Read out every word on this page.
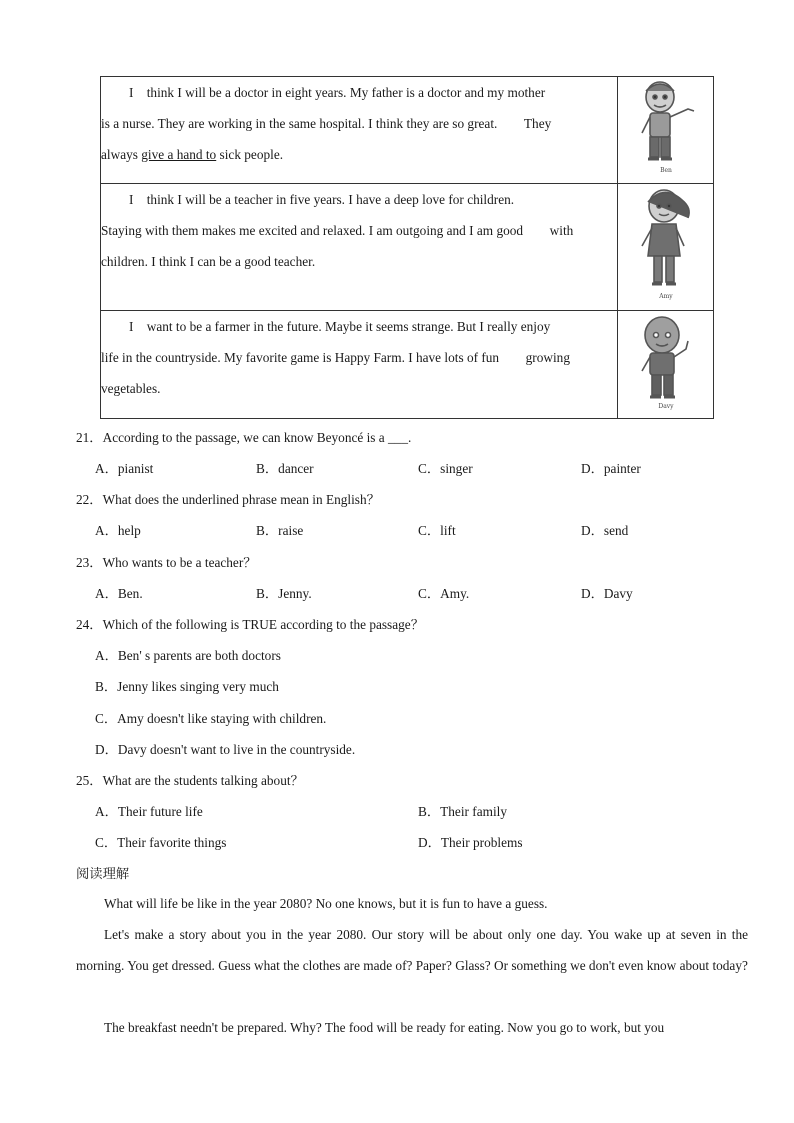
I　think I will be a doctor in eight years. My father is a doctor and my mother
is a nurse. They are working in the same hospital. I think they are so great.　　They
always give a hand to sick people.	Ben

I　think I will be a teacher in five years. I have a deep love for children.
Staying with them makes me excited and relaxed. I am outgoing and I am good　　with
children. I think I can be a good teacher.	Amy

I　want to be a farmer in the future. Maybe it seems strange. But I really enjoy
life in the countryside. My favorite game is Happy Farm. I have lots of fun　　growing
vegetables.	Davy
21．According to the passage, we can know Beyoncé is a ___.
A．pianist	B．dancer	C．singer	D．painter
22．What does the underlined phrase mean in English？
A．help	B．raise	C．lift	D．send
23．Who wants to be a teacher？
A．Ben.	B．Jenny.	C．Amy.	D．Davy
24．Which of the following is TRUE according to the passage？
A．Ben' s parents are both doctors
B．Jenny likes singing very much
C．Amy doesn't like staying with children.
D．Davy doesn't want to live in the countryside.
25．What are the students talking about？
A．Their future life	B．Their family
C．Their favorite things	D．Their problems
阅读理解
What will life be like in the year 2080? No one knows, but it is fun to have a guess.
Let's make a story about you in the year 2080. Our story will be about only one day. You wake up at seven in the morning. You get dressed. Guess what the clothes are made of? Paper? Glass? Or something we don't even know about today?
The breakfast needn't be prepared. Why? The food will be ready for eating. Now you go to work, but you
